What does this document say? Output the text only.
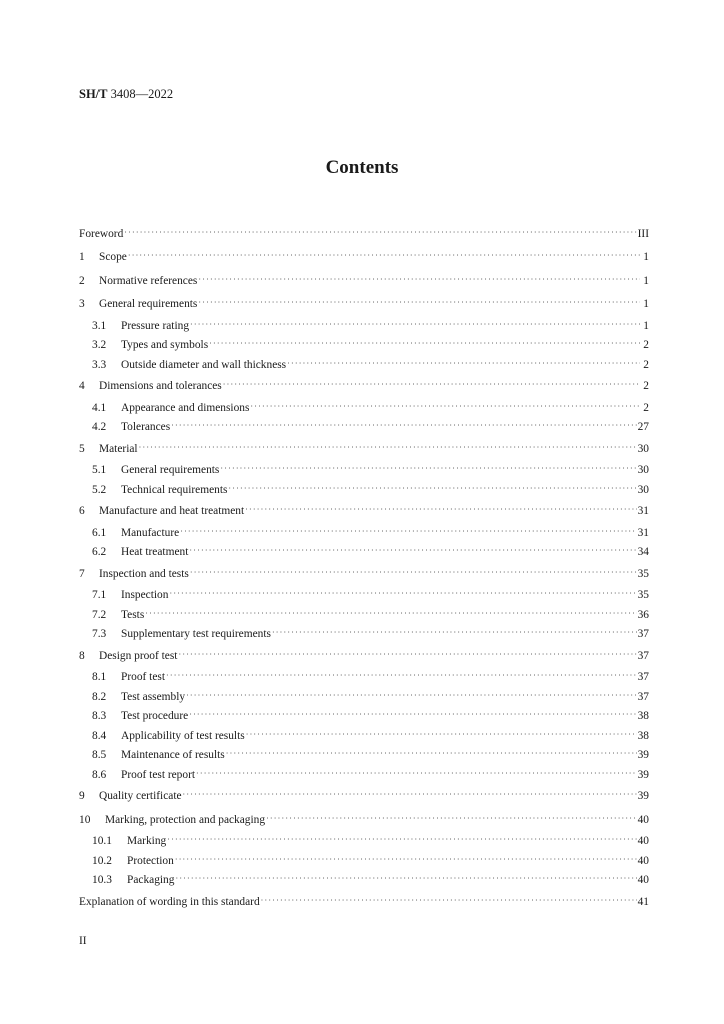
SH/T 3408—2022
Contents
Foreword ·····	III
1	Scope ·····	1
2	Normative references ·····	1
3	General requirements ·····	1
3.1	Pressure rating ·····	1
3.2	Types and symbols ·····	2
3.3	Outside diameter and wall thickness ·····	2
4	Dimensions and tolerances ·····	2
4.1	Appearance and dimensions ·····	2
4.2	Tolerances ·····	27
5	Material ·····	30
5.1	General requirements ·····	30
5.2	Technical requirements ·····	30
6	Manufacture and heat treatment ·····	31
6.1	Manufacture ·····	31
6.2	Heat treatment ·····	34
7	Inspection and tests ·····	35
7.1	Inspection ·····	35
7.2	Tests ·····	36
7.3	Supplementary test requirements ·····	37
8	Design proof test ·····	37
8.1	Proof test ·····	37
8.2	Test assembly ·····	37
8.3	Test procedure ·····	38
8.4	Applicability of test results ·····	38
8.5	Maintenance of results ·····	39
8.6	Proof test report ·····	39
9	Quality certificate ·····	39
10	Marking, protection and packaging ·····	40
10.1	Marking ·····	40
10.2	Protection ·····	40
10.3	Packaging ·····	40
Explanation of wording in this standard ·····	41
II
